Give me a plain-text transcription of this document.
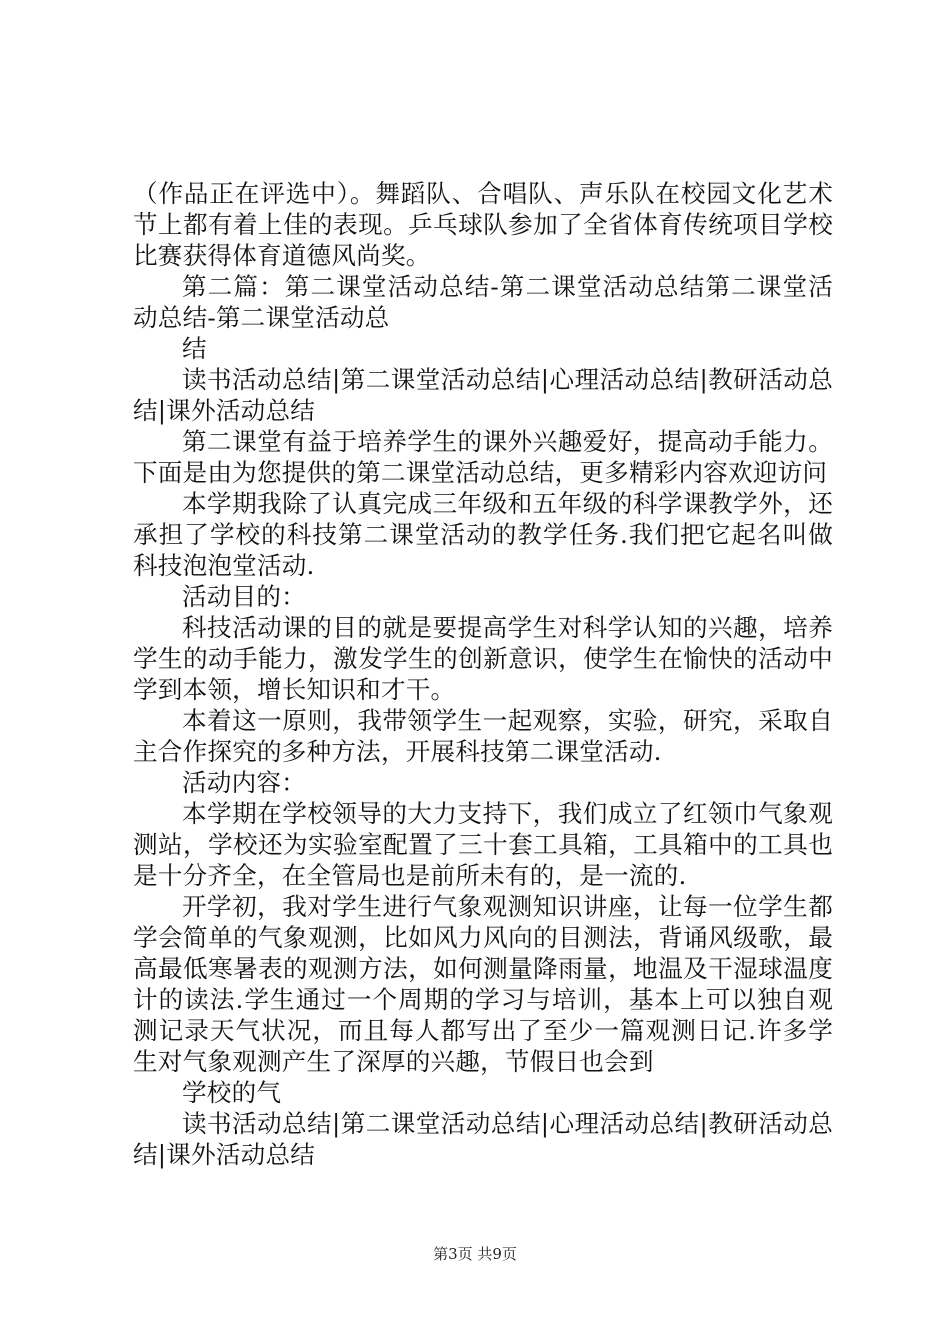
（作品正在评选中）。舞蹈队、合唱队、声乐队在校园文化艺术节上都有着上佳的表现。乒乓球队参加了全省体育传统项目学校比赛获得体育道德风尚奖。

第二篇：第二课堂活动总结-第二课堂活动总结第二课堂活动总结-第二课堂活动总

结

读书活动总结|第二课堂活动总结|心理活动总结|教研活动总结|课外活动总结

第二课堂有益于培养学生的课外兴趣爱好，提高动手能力。下面是由为您提供的第二课堂活动总结，更多精彩内容欢迎访问

本学期我除了认真完成三年级和五年级的科学课教学外，还承担了学校的科技第二课堂活动的教学任务.我们把它起名叫做科技泡泡堂活动.

活动目的：

科技活动课的目的就是要提高学生对科学认知的兴趣，培养学生的动手能力，激发学生的创新意识，使学生在愉快的活动中学到本领，增长知识和才干。

本着这一原则，我带领学生一起观察，实验，研究，采取自主合作探究的多种方法，开展科技第二课堂活动.

活动内容：

本学期在学校领导的大力支持下，我们成立了红领巾气象观测站，学校还为实验室配置了三十套工具箱，工具箱中的工具也是十分齐全，在全管局也是前所未有的，是一流的.

开学初，我对学生进行气象观测知识讲座，让每一位学生都学会简单的气象观测，比如风力风向的目测法，背诵风级歌，最高最低寒暑表的观测方法，如何测量降雨量，地温及干湿球温度计的读法.学生通过一个周期的学习与培训，基本上可以独自观测记录天气状况，而且每人都写出了至少一篇观测日记.许多学生对气象观测产生了深厚的兴趣，节假日也会到

学校的气

读书活动总结|第二课堂活动总结|心理活动总结|教研活动总结|课外活动总结

第3页 共9页
